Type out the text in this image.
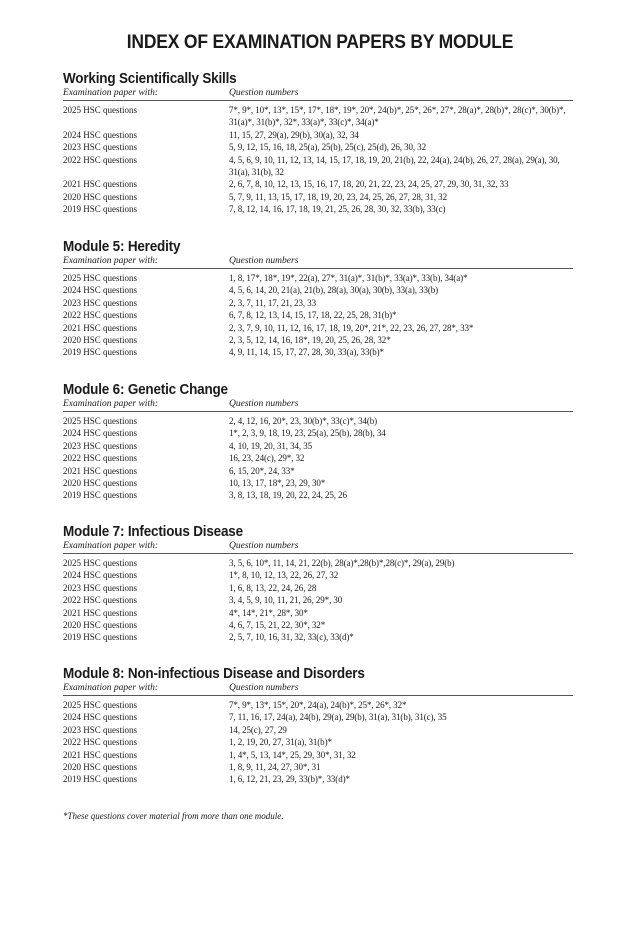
INDEX OF EXAMINATION PAPERS BY MODULE
Working Scientifically Skills
Examination paper with:	Question numbers
2025 HSC questions	7*, 9*, 10*, 13*, 15*, 17*, 18*, 19*, 20*, 24(b)*, 25*, 26*, 27*, 28(a)*, 28(b)*, 28(c)*, 30(b)*, 31(a)*, 31(b)*, 32*, 33(a)*, 33(c)*, 34(a)*
2024 HSC questions	11, 15, 27, 29(a), 29(b), 30(a), 32, 34
2023 HSC questions	5, 9, 12, 15, 16, 18, 25(a), 25(b), 25(c), 25(d), 26, 30, 32
2022 HSC questions	4, 5, 6, 9, 10, 11, 12, 13, 14, 15, 17, 18, 19, 20, 21(b), 22, 24(a), 24(b), 26, 27, 28(a), 29(a), 30, 31(a), 31(b), 32
2021 HSC questions	2, 6, 7, 8, 10, 12, 13, 15, 16, 17, 18, 20, 21, 22, 23, 24, 25, 27, 29, 30, 31, 32, 33
2020 HSC questions	5, 7, 9, 11, 13, 15, 17, 18, 19, 20, 23, 24, 25, 26, 27, 28, 31, 32
2019 HSC questions	7, 8, 12, 14, 16, 17, 18, 19, 21, 25, 26, 28, 30, 32, 33(b), 33(c)
Module 5: Heredity
Examination paper with:	Question numbers
2025 HSC questions	1, 8, 17*, 18*, 19*, 22(a), 27*, 31(a)*, 31(b)*, 33(a)*, 33(b), 34(a)*
2024 HSC questions	4, 5, 6, 14, 20, 21(a), 21(b), 28(a), 30(a), 30(b), 33(a), 33(b)
2023 HSC questions	2, 3, 7, 11, 17, 21, 23, 33
2022 HSC questions	6, 7, 8, 12, 13, 14, 15, 17, 18, 22, 25, 28, 31(b)*
2021 HSC questions	2, 3, 7, 9, 10, 11, 12, 16, 17, 18, 19, 20*, 21*, 22, 23, 26, 27, 28*, 33*
2020 HSC questions	2, 3, 5, 12, 14, 16, 18*, 19, 20, 25, 26, 28, 32*
2019 HSC questions	4, 9, 11, 14, 15, 17, 27, 28, 30, 33(a), 33(b)*
Module 6: Genetic Change
Examination paper with:	Question numbers
2025 HSC questions	2, 4, 12, 16, 20*, 23, 30(b)*, 33(c)*, 34(b)
2024 HSC questions	1*, 2, 3, 9, 18, 19, 23, 25(a), 25(b), 28(b), 34
2023 HSC questions	4, 10, 19, 20, 31, 34, 35
2022 HSC questions	16, 23, 24(c), 29*, 32
2021 HSC questions	6, 15, 20*, 24, 33*
2020 HSC questions	10, 13, 17, 18*, 23, 29, 30*
2019 HSC questions	3, 8, 13, 18, 19, 20, 22, 24, 25, 26
Module 7: Infectious Disease
Examination paper with:	Question numbers
2025 HSC questions	3, 5, 6, 10*, 11, 14, 21, 22(b), 28(a)*,28(b)*,28(c)*, 29(a), 29(b)
2024 HSC questions	1*, 8, 10, 12, 13, 22, 26, 27, 32
2023 HSC questions	1, 6, 8, 13, 22, 24, 26, 28
2022 HSC questions	3, 4, 5, 9, 10, 11, 21, 26, 29*, 30
2021 HSC questions	4*, 14*, 21*, 28*, 30*
2020 HSC questions	4, 6, 7, 15, 21, 22, 30*, 32*
2019 HSC questions	2, 5, 7, 10, 16, 31, 32, 33(c), 33(d)*
Module 8: Non-infectious Disease and Disorders
Examination paper with:	Question numbers
2025 HSC questions	7*, 9*, 13*, 15*, 20*, 24(a), 24(b)*, 25*, 26*, 32*
2024 HSC questions	7, 11, 16, 17, 24(a), 24(b), 29(a), 29(b), 31(a), 31(b), 31(c), 35
2023 HSC questions	14, 25(c), 27, 29
2022 HSC questions	1, 2, 19, 20, 27, 31(a), 31(b)*
2021 HSC questions	1, 4*, 5, 13, 14*, 25, 29, 30*, 31, 32
2020 HSC questions	1, 8, 9, 11, 24, 27, 30*, 31
2019 HSC questions	1, 6, 12, 21, 23, 29, 33(b)*, 33(d)*
*These questions cover material from more than one module.
